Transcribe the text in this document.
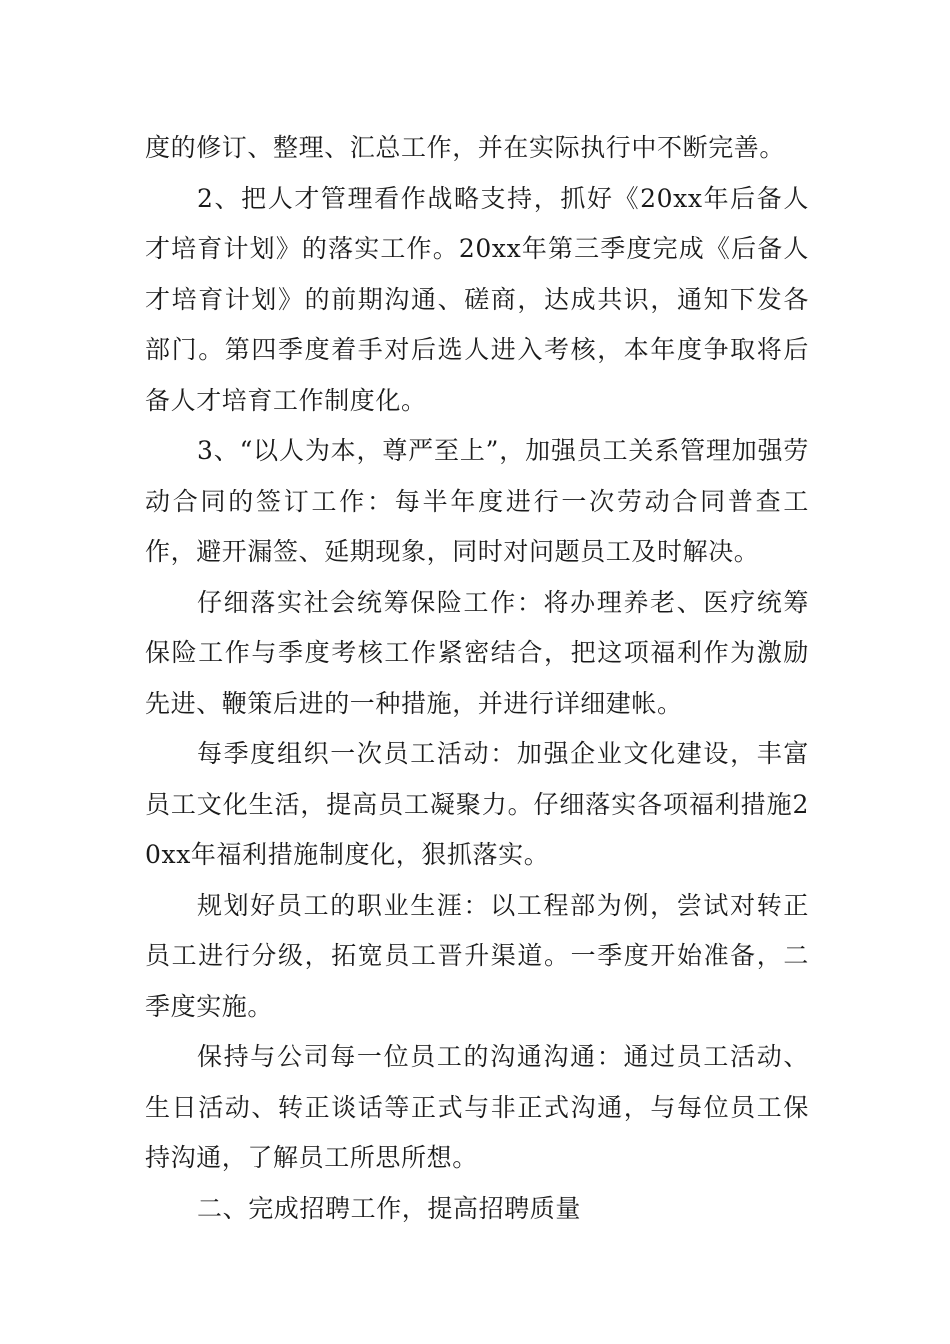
度的修订、整理、汇总工作，并在实际执行中不断完善。

2、把人才管理看作战略支持，抓好《20xx年后备人才培育计划》的落实工作。20xx年第三季度完成《后备人才培育计划》的前期沟通、磋商，达成共识，通知下发各部门。第四季度着手对后选人进入考核，本年度争取将后备人才培育工作制度化。

3、“以人为本，尊严至上”，加强员工关系管理加强劳动合同的签订工作：每半年度进行一次劳动合同普查工作，避开漏签、延期现象，同时对问题员工及时解决。

仔细落实社会统筹保险工作：将办理养老、医疗统筹保险工作与季度考核工作紧密结合，把这项福利作为激励先进、鞭策后进的一种措施，并进行详细建帐。

每季度组织一次员工活动：加强企业文化建设，丰富员工文化生活，提高员工凝聚力。仔细落实各项福利措施20xx年福利措施制度化，狠抓落实。

规划好员工的职业生涯：以工程部为例，尝试对转正员工进行分级，拓宽员工晋升渠道。一季度开始准备，二季度实施。

保持与公司每一位员工的沟通沟通：通过员工活动、生日活动、转正谈话等正式与非正式沟通，与每位员工保持沟通，了解员工所思所想。

二、完成招聘工作，提高招聘质量
